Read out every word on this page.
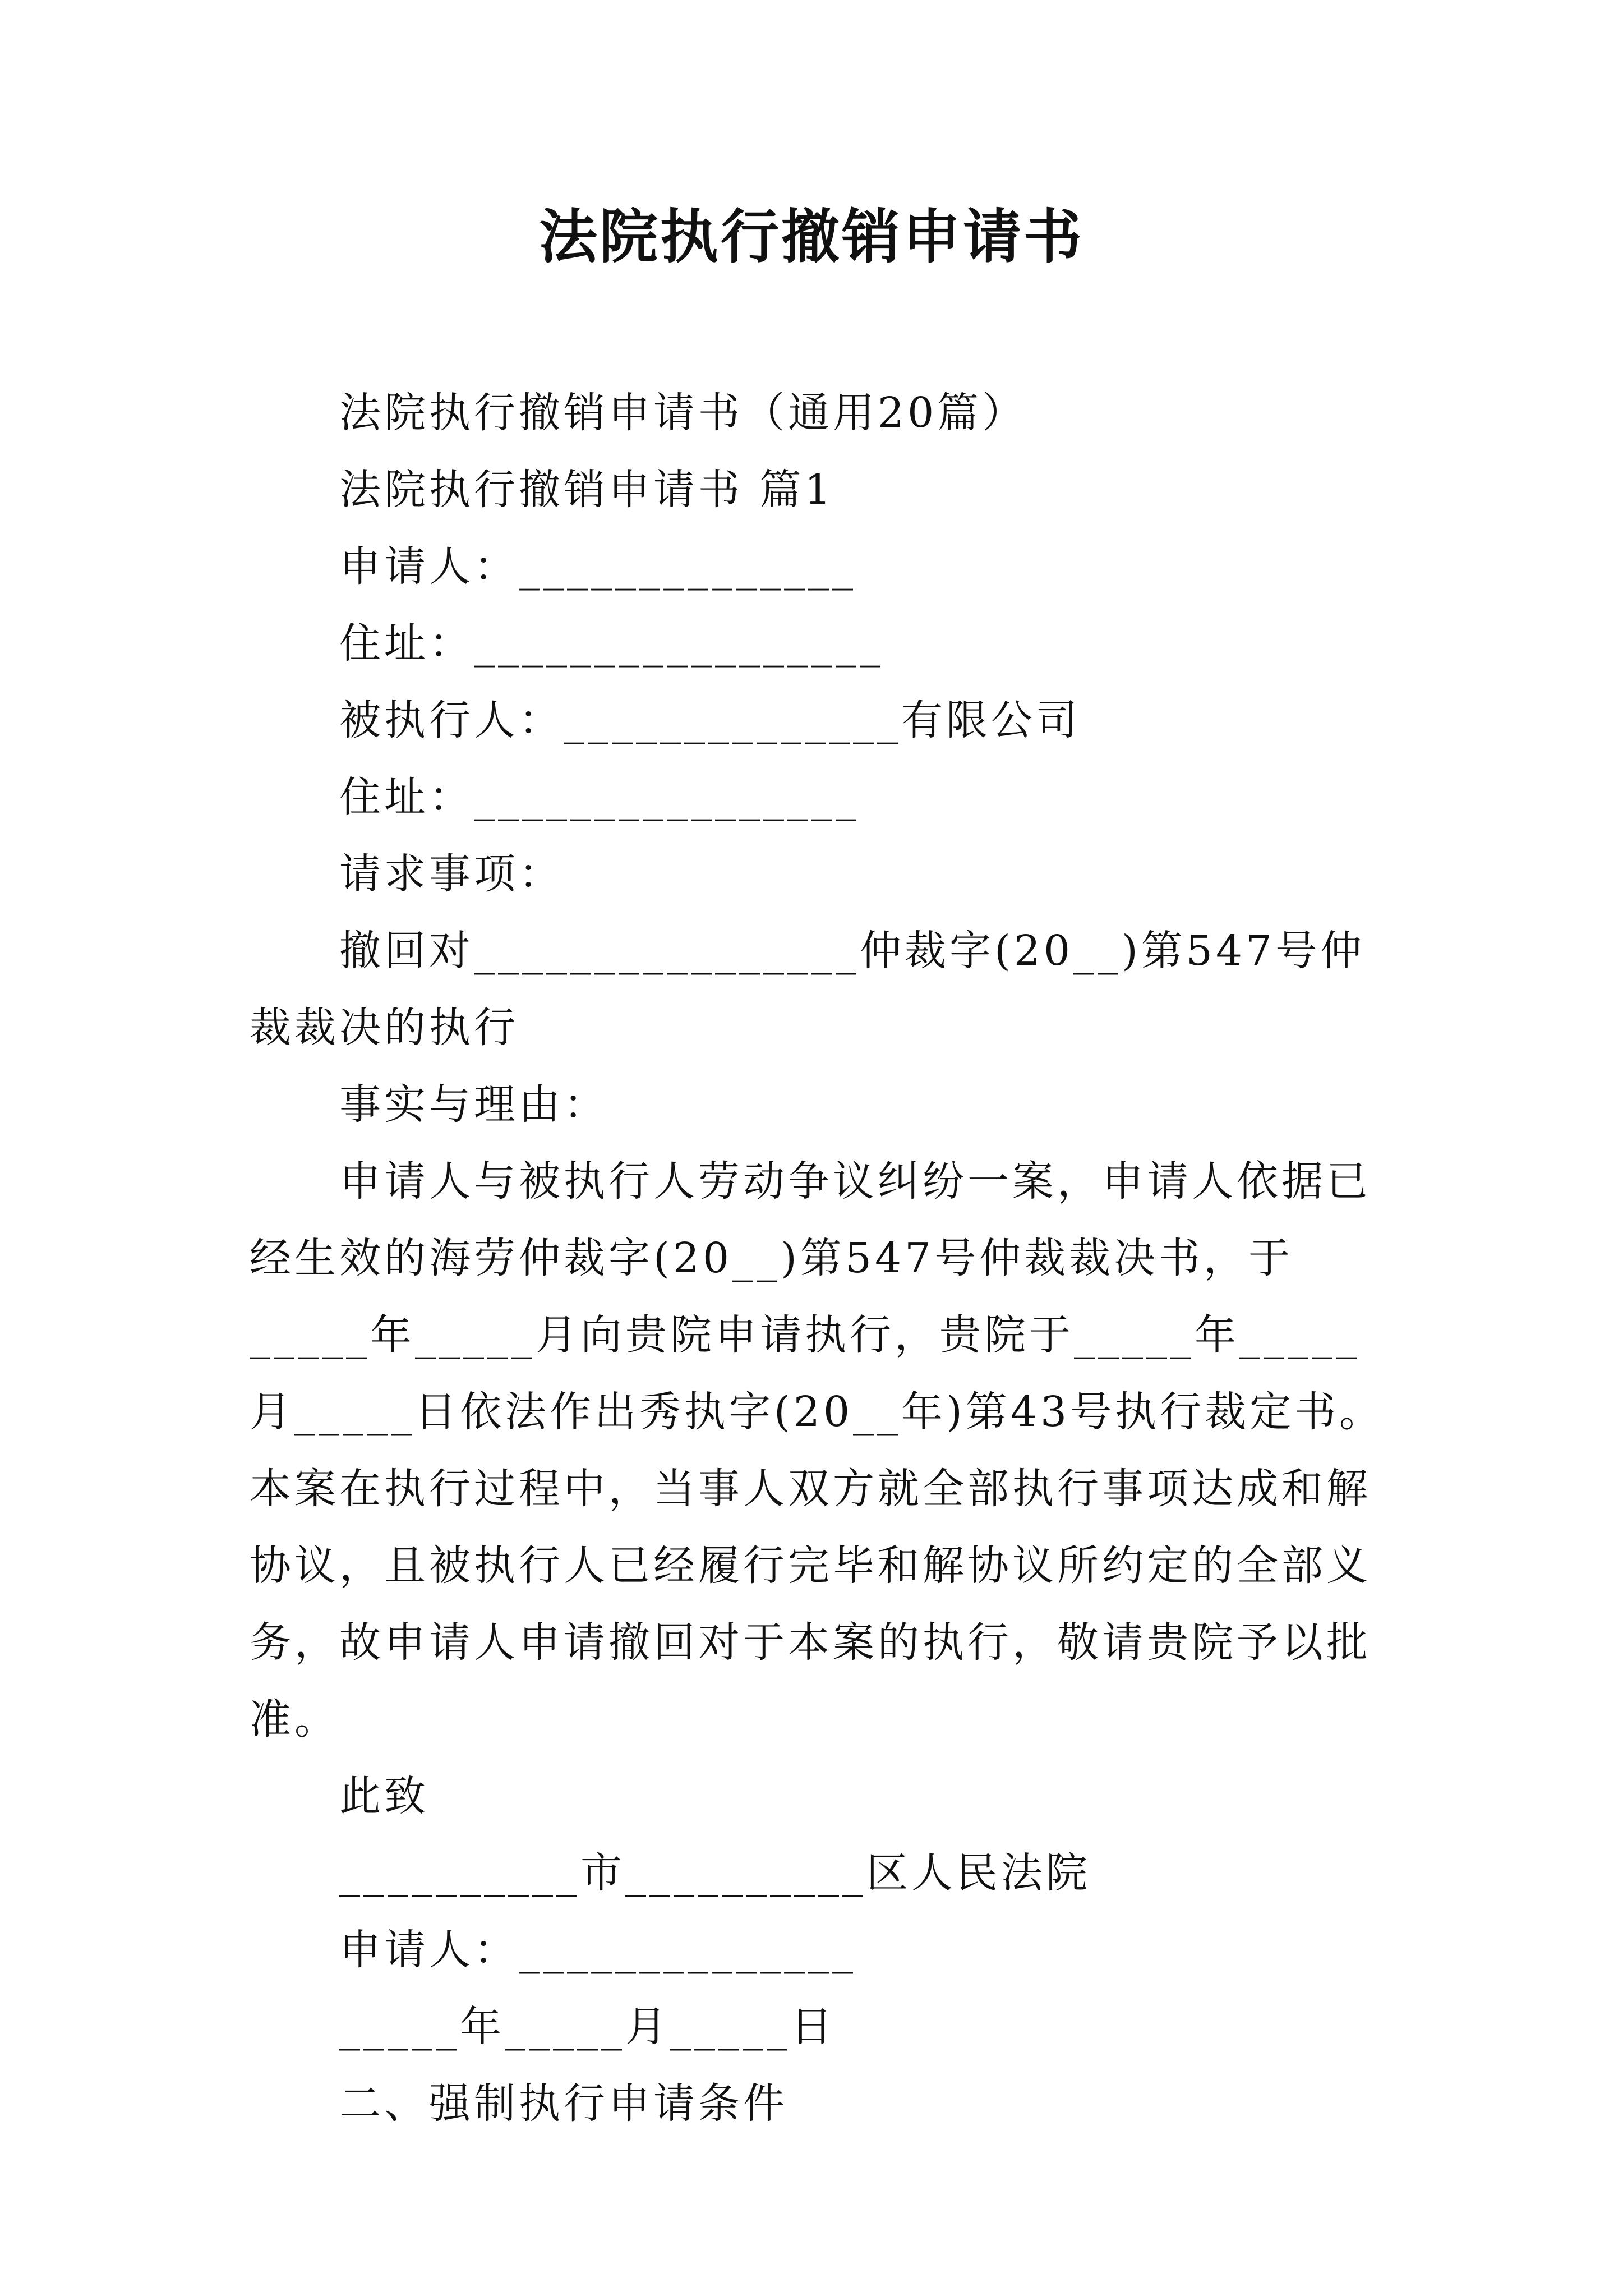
法院执行撤销申请书

法院执行撤销申请书（通用20篇）

法院执行撤销申请书 篇1

申请人：______________

住址：_________________

被执行人：______________有限公司

住址：________________

请求事项：

撤回对________________仲裁字(20__)第547号仲裁裁决的执行

事实与理由：

申请人与被执行人劳动争议纠纷一案，申请人依据已经生效的海劳仲裁字(20__)第547号仲裁裁决书，于_____年_____月向贵院申请执行，贵院于_____年_____月_____日依法作出秀执字(20__年)第43号执行裁定书。本案在执行过程中，当事人双方就全部执行事项达成和解协议，且被执行人已经履行完毕和解协议所约定的全部义务，故申请人申请撤回对于本案的执行，敬请贵院予以批准。

此致

__________市__________区人民法院

申请人：______________

_____年_____月_____日

二、强制执行申请条件
